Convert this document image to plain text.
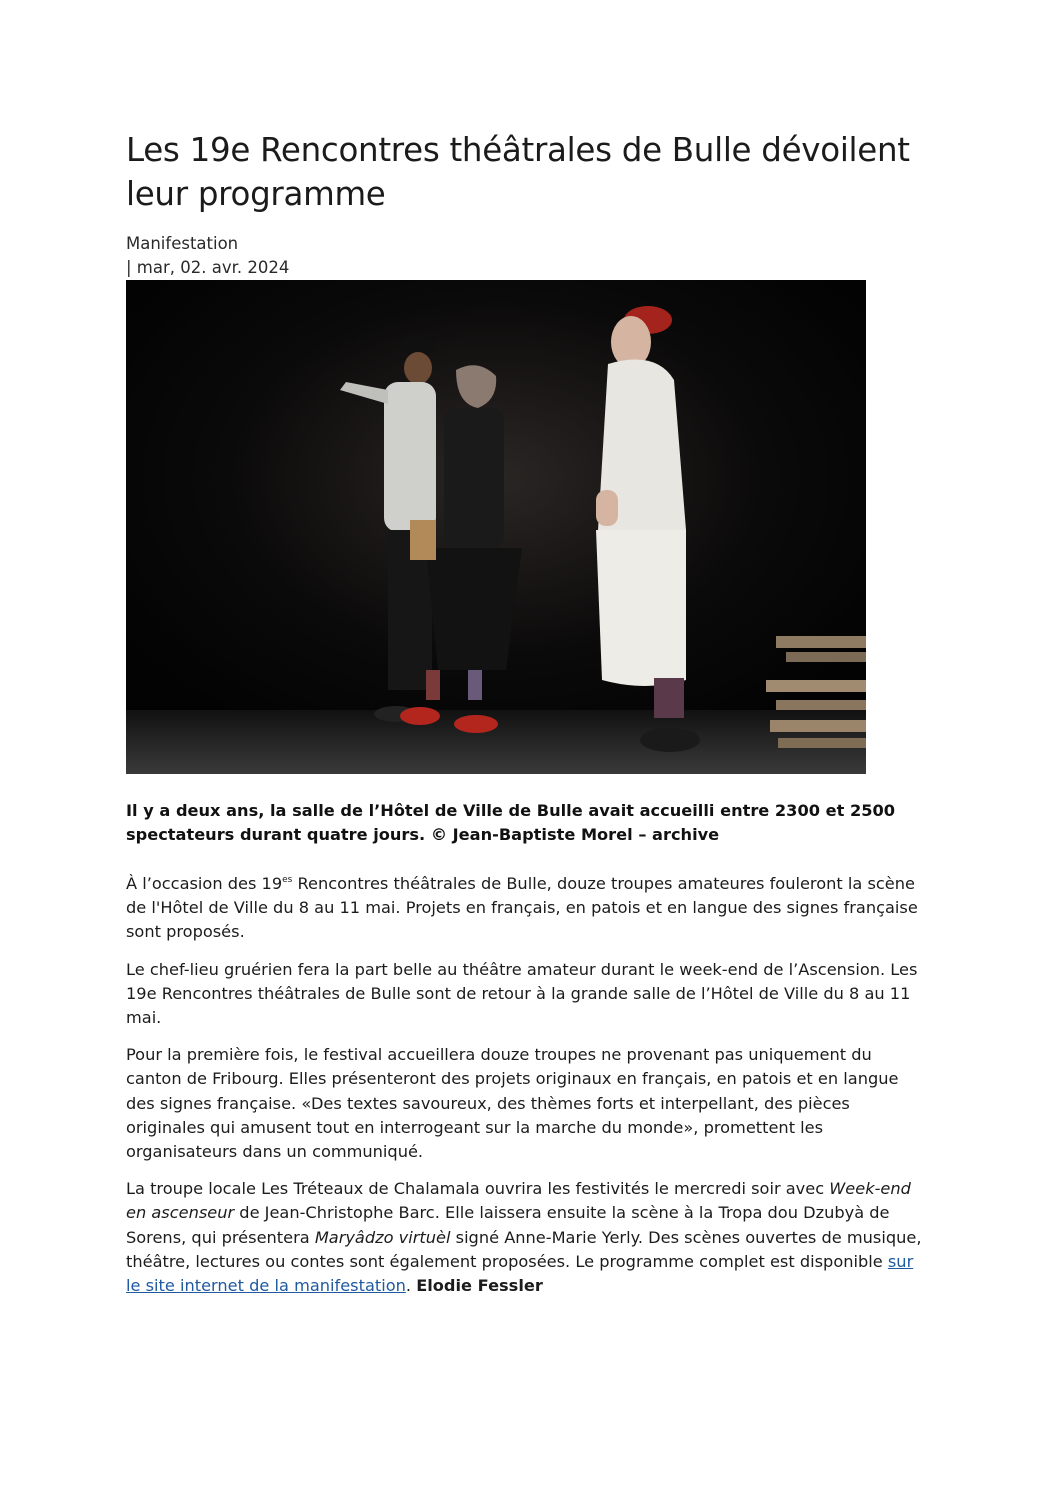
Les 19e Rencontres théâtrales de Bulle dévoilent leur programme
Manifestation
| mar, 02. avr. 2024
Il y a deux ans, la salle de l’Hôtel de Ville de Bulle avait accueilli entre 2300 et 2500 spectateurs durant quatre jours. © Jean-Baptiste Morel – archive

À l’occasion des $19^{es}$ Rencontres théâtrales de Bulle, douze troupes amateures fouleront la scène de l'Hôtel de Ville du 8 au 11 mai. Projets en français, en patois et en langue des signes française sont proposés.

Le chef-lieu gruérien fera la part belle au théâtre amateur durant le week-end de l’Ascension. Les 19e Rencontres théâtrales de Bulle sont de retour à la grande salle de l’Hôtel de Ville du 8 au 11 mai.

Pour la première fois, le festival accueillera douze troupes ne provenant pas uniquement du canton de Fribourg. Elles présenteront des projets originaux en français, en patois et en langue des signes française. «Des textes savoureux, des thèmes forts et interpellant, des pièces originales qui amusent tout en interrogeant sur la marche du monde», promettent les organisateurs dans un communiqué.

La troupe locale Les Tréteaux de Chalamala ouvrira les festivités le mercredi soir avec Week-end en ascenseur de Jean-Christophe Barc. Elle laissera ensuite la scène à la Tropa dou Dzubyà de Sorens, qui présentera Maryâdzo virtuèl signé Anne-Marie Yerly. Des scènes ouvertes de musique, théâtre, lectures ou contes sont également proposées. Le programme complet est disponible sur le site internet de la manifestation. Elodie Fessler
